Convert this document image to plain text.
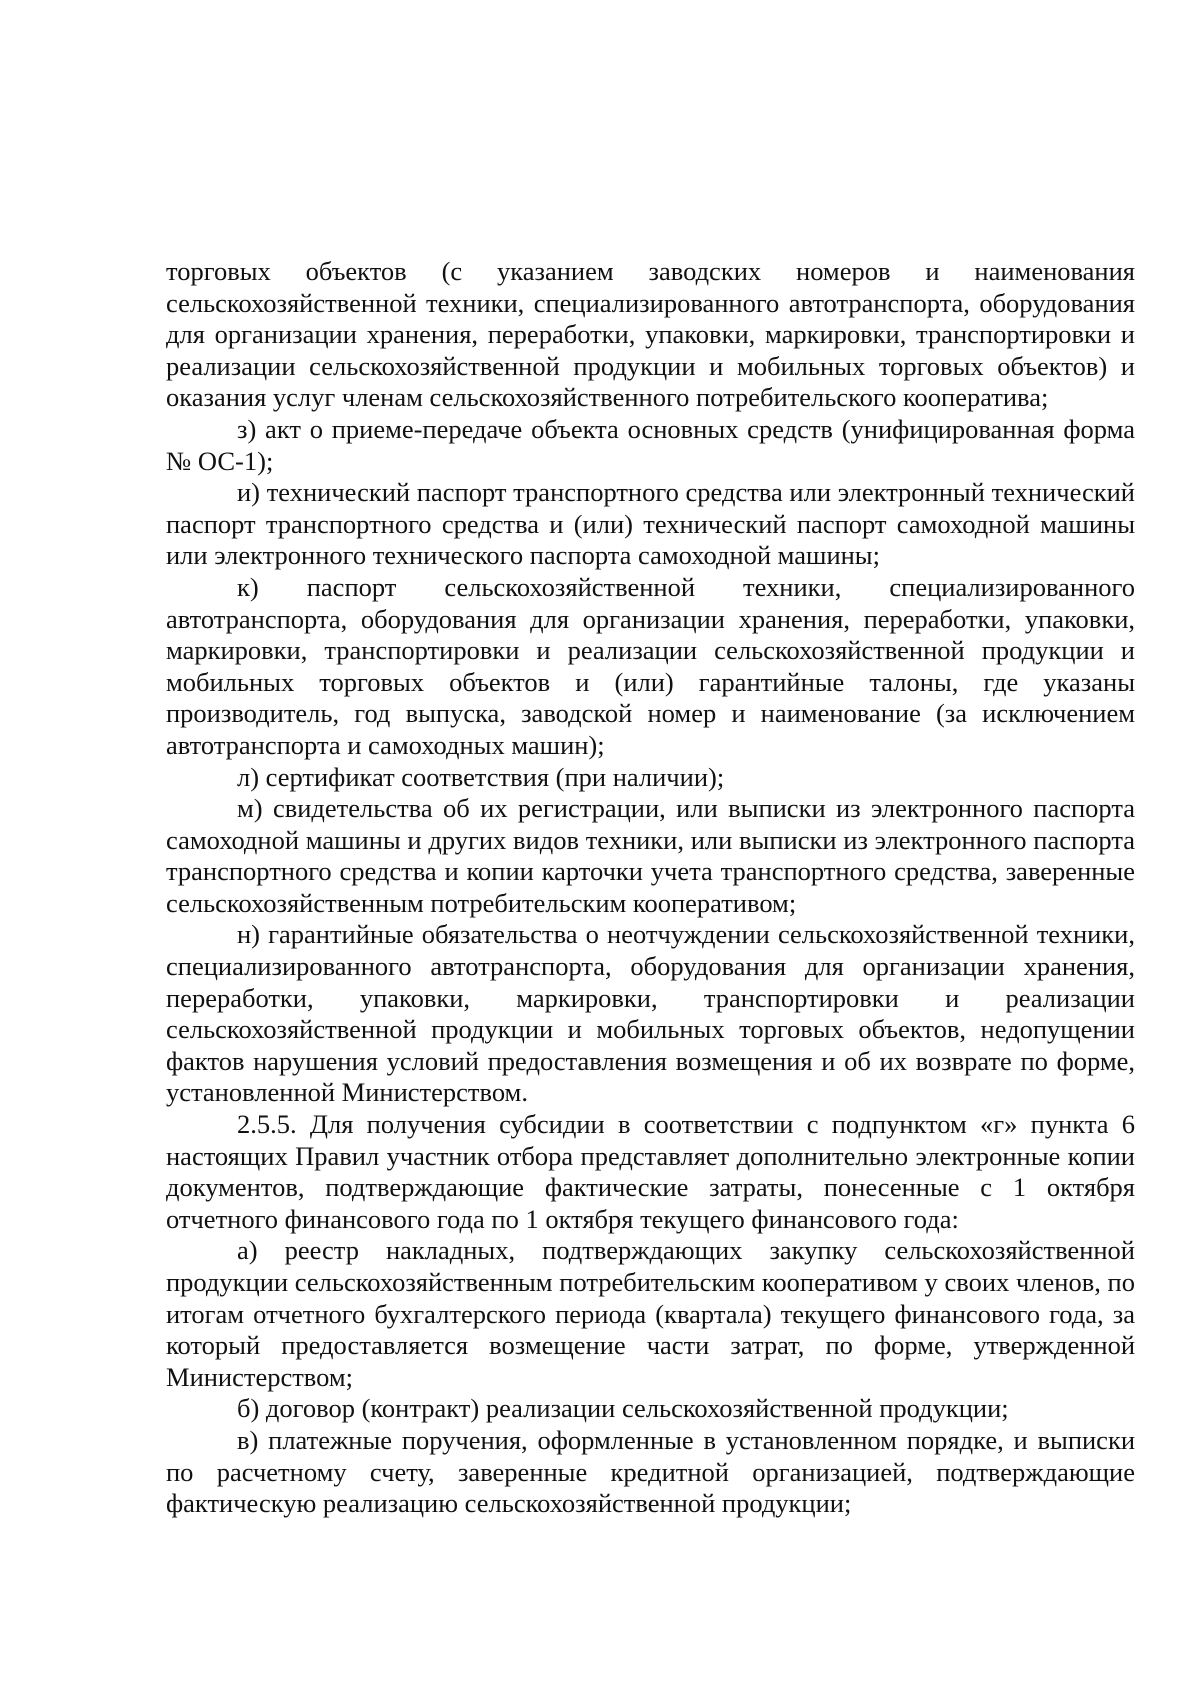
торговых объектов (с указанием заводских номеров и наименования сельскохозяйственной техники, специализированного автотранспорта, оборудования для организации хранения, переработки, упаковки, маркировки, транспортировки и реализации сельскохозяйственной продукции и мобильных торговых объектов) и оказания услуг членам сельскохозяйственного потребительского кооператива;

з) акт о приеме-передаче объекта основных средств (унифицированная форма № ОС-1);

и) технический паспорт транспортного средства или электронный технический паспорт транспортного средства и (или) технический паспорт самоходной машины или электронного технического паспорта самоходной машины;

к) паспорт сельскохозяйственной техники, специализированного автотранспорта, оборудования для организации хранения, переработки, упаковки, маркировки, транспортировки и реализации сельскохозяйственной продукции и мобильных торговых объектов и (или) гарантийные талоны, где указаны производитель, год выпуска, заводской номер и наименование (за исключением автотранспорта и самоходных машин);

л) сертификат соответствия (при наличии);

м) свидетельства об их регистрации, или выписки из электронного паспорта самоходной машины и других видов техники, или выписки из электронного паспорта транспортного средства и копии карточки учета транспортного средства, заверенные сельскохозяйственным потребительским кооперативом;

н) гарантийные обязательства о неотчуждении сельскохозяйственной техники, специализированного автотранспорта, оборудования для организации хранения, переработки, упаковки, маркировки, транспортировки и реализации сельскохозяйственной продукции и мобильных торговых объектов, недопущении фактов нарушения условий предоставления возмещения и об их возврате по форме, установленной Министерством.

2.5.5. Для получения субсидии в соответствии с подпунктом «г» пункта 6 настоящих Правил участник отбора представляет дополнительно электронные копии документов, подтверждающие фактические затраты, понесенные с 1 октября отчетного финансового года по 1 октября текущего финансового года:

а) реестр накладных, подтверждающих закупку сельскохозяйственной продукции сельскохозяйственным потребительским кооперативом у своих членов, по итогам отчетного бухгалтерского периода (квартала) текущего финансового года, за который предоставляется возмещение части затрат, по форме, утвержденной Министерством;

б) договор (контракт) реализации сельскохозяйственной продукции;

в) платежные поручения, оформленные в установленном порядке, и выписки по расчетному счету, заверенные кредитной организацией, подтверждающие фактическую реализацию сельскохозяйственной продукции;
